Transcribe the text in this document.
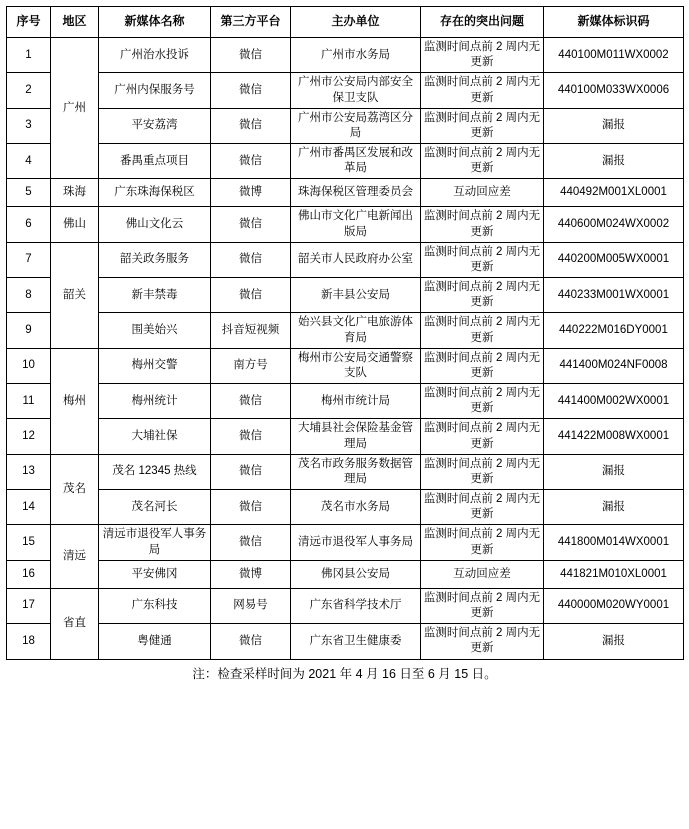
序号	地区	新媒体名称	第三方平台	主办单位	存在的突出问题	新媒体标识码
1	广州	广州治水投诉	微信	广州市水务局	监测时间点前 2 周内无更新	440100M011WX0002
2		广州内保服务号	微信	广州市公安局内部安全保卫支队	监测时间点前 2 周内无更新	440100M033WX0006
3		平安荔湾	微信	广州市公安局荔湾区分局	监测时间点前 2 周内无更新	漏报
4		番禺重点项目	微信	广州市番禺区发展和改革局	监测时间点前 2 周内无更新	漏报
5	珠海	广东珠海保税区	微博	珠海保税区管理委员会	互动回应差	440492M001XL0001
6	佛山	佛山文化云	微信	佛山市文化广电新闻出版局	监测时间点前 2 周内无更新	440600M024WX0002
7	韶关	韶关政务服务	微信	韶关市人民政府办公室	监测时间点前 2 周内无更新	440200M005WX0001
8		新丰禁毒	微信	新丰县公安局	监测时间点前 2 周内无更新	440233M001WX0001
9		围美始兴	抖音短视频	始兴县文化广电旅游体育局	监测时间点前 2 周内无更新	440222M016DY0001
10	梅州	梅州交警	南方号	梅州市公安局交通警察支队	监测时间点前 2 周内无更新	441400M024NF0008
11		梅州统计	微信	梅州市统计局	监测时间点前 2 周内无更新	441400M002WX0001
12		大埔社保	微信	大埔县社会保险基金管理局	监测时间点前 2 周内无更新	441422M008WX0001
13	茂名	茂名 12345 热线	微信	茂名市政务服务数据管理局	监测时间点前 2 周内无更新	漏报
14		茂名河长	微信	茂名市水务局	监测时间点前 2 周内无更新	漏报
15	清远	清远市退役军人事务局	微信	清远市退役军人事务局	监测时间点前 2 周内无更新	441800M014WX0001
16		平安佛冈	微博	佛冈县公安局	互动回应差	441821M010XL0001
17	省直	广东科技	网易号	广东省科学技术厅	监测时间点前 2 周内无更新	440000M020WY0001
18		粤健通	微信	广东省卫生健康委	监测时间点前 2 周内无更新	漏报
注：检查采样时间为 2021 年 4 月 16 日至 6 月 15 日。
